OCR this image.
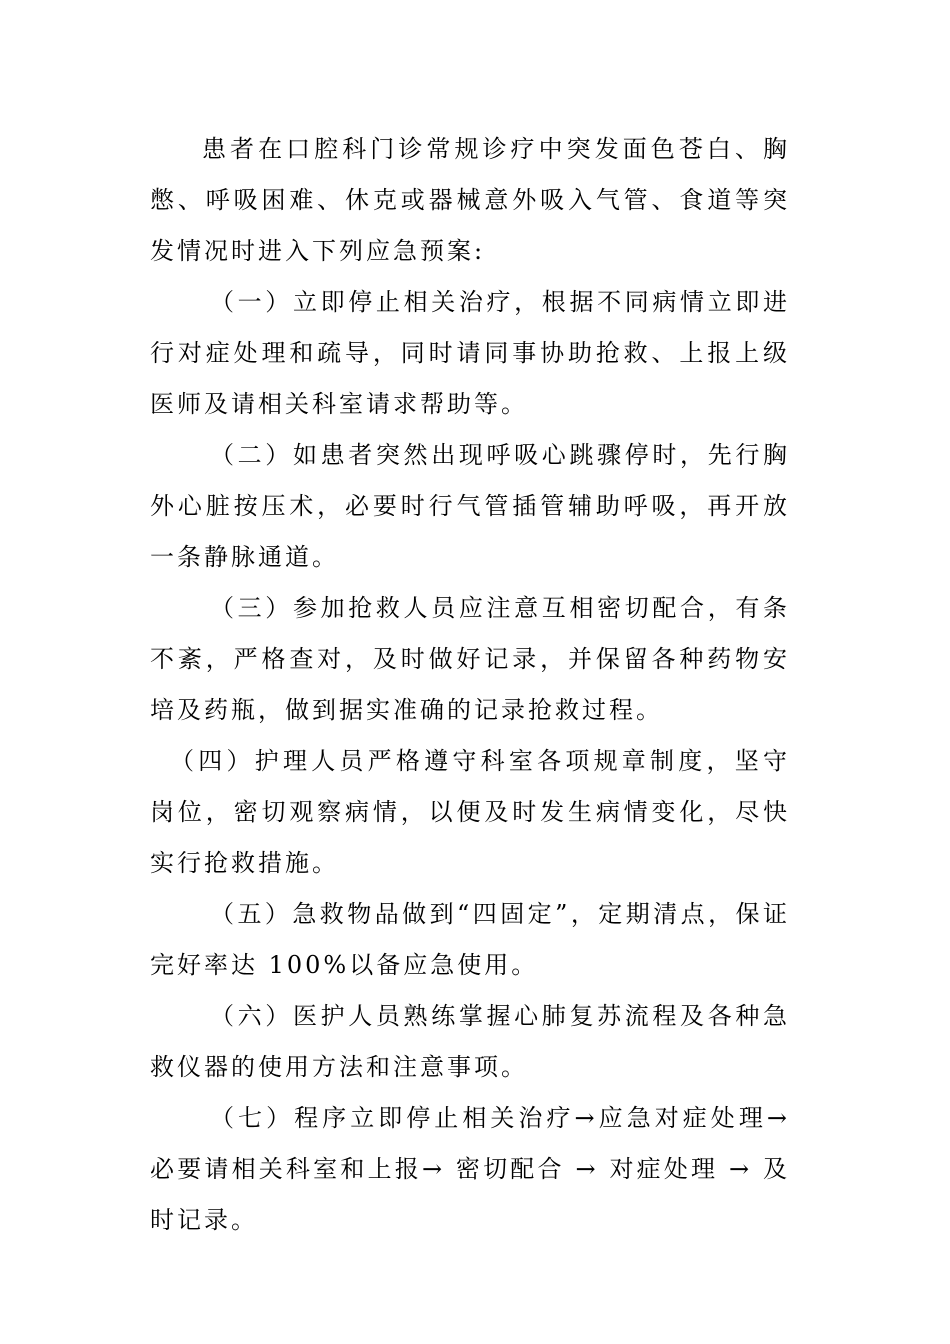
患者在口腔科门诊常规诊疗中突发面色苍白、胸憋、呼吸困难、休克或器械意外吸入气管、食道等突发情况时进入下列应急预案:

（一）立即停止相关治疗，根据不同病情立即进行对症处理和疏导，同时请同事协助抢救、上报上级医师及请相关科室请求帮助等。

（二）如患者突然出现呼吸心跳骤停时，先行胸外心脏按压术，必要时行气管插管辅助呼吸，再开放一条静脉通道。

（三）参加抢救人员应注意互相密切配合，有条不紊，严格查对，及时做好记录，并保留各种药物安培及药瓶，做到据实准确的记录抢救过程。

（四）护理人员严格遵守科室各项规章制度，坚守岗位，密切观察病情，以便及时发生病情变化，尽快实行抢救措施。

（五）急救物品做到“四固定”，定期清点，保证完好率达 100%以备应急使用。

（六）医护人员熟练掌握心肺复苏流程及各种急救仪器的使用方法和注意事项。

（七）程序立即停止相关治疗→应急对症处理→必要请相关科室和上报→ 密切配合 → 对症处理 → 及时记录。
